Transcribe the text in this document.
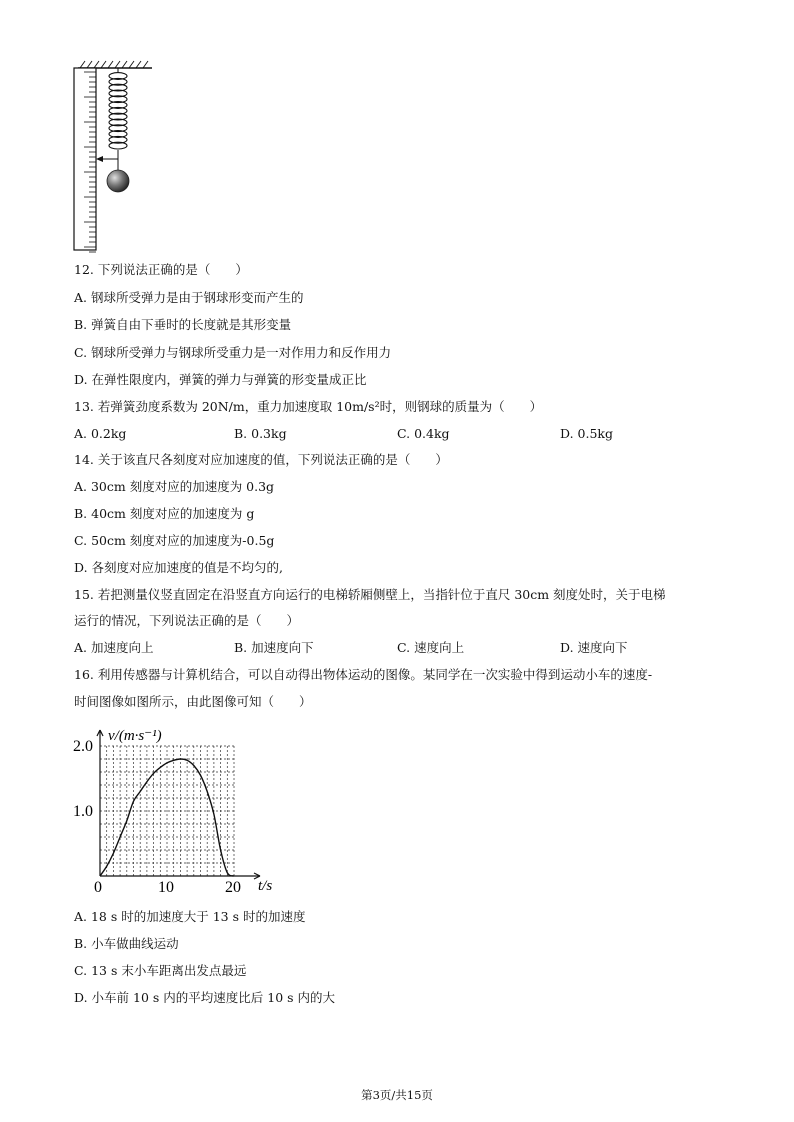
12. 下列说法正确的是（　　）
A. 钢球所受弹力是由于钢球形变而产生的
B. 弹簧自由下垂时的长度就是其形变量
C. 钢球所受弹力与钢球所受重力是一对作用力和反作用力
D. 在弹性限度内，弹簧的弹力与弹簧的形变量成正比
13. 若弹簧劲度系数为 20N/m，重力加速度取 10m/s²时，则钢球的质量为（　　）
A. 0.2kg	B. 0.3kg	C. 0.4kg	D. 0.5kg
14. 关于该直尺各刻度对应加速度的值，下列说法正确的是（　　）
A. 30cm 刻度对应的加速度为 0.3g
B. 40cm 刻度对应的加速度为 g
C. 50cm 刻度对应的加速度为-0.5g
D. 各刻度对应加速度的值是不均匀的,
15. 若把测量仪竖直固定在沿竖直方向运行的电梯轿厢侧壁上，当指针位于直尺 30cm 刻度处时，关于电梯
运行的情况，下列说法正确的是（　　）
A. 加速度向上	B. 加速度向下	C. 速度向上	D. 速度向下
16. 利用传感器与计算机结合，可以自动得出物体运动的图像。某同学在一次实验中得到运动小车的速度-
时间图像如图所示，由此图像可知（　　）
0	10	20
1.0
2.0
v/(m·s⁻¹)
t/s
A. 18 s 时的加速度大于 13 s 时的加速度
B. 小车做曲线运动
C. 13 s 末小车距离出发点最远
D. 小车前 10 s 内的平均速度比后 10 s 内的大
第3页/共15页
